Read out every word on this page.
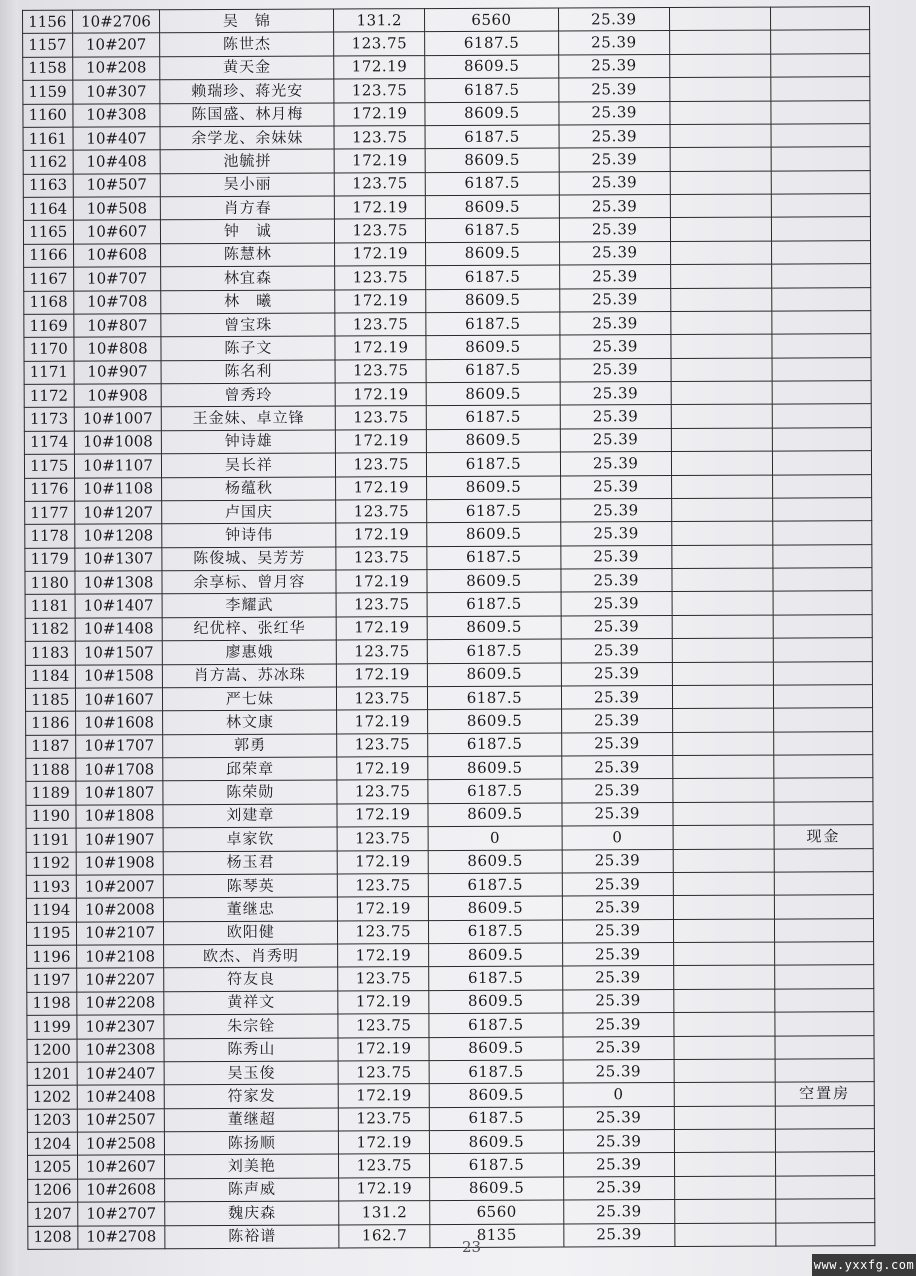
1156	10#2706	吴　锦	131.2	6560	25.39		
1157	10#207	陈世杰	123.75	6187.5	25.39		
1158	10#208	黄天金	172.19	8609.5	25.39		
1159	10#307	赖瑞珍、蒋光安	123.75	6187.5	25.39		
1160	10#308	陈国盛、林月梅	172.19	8609.5	25.39		
1161	10#407	余学龙、余妹妹	123.75	6187.5	25.39		
1162	10#408	池毓拼	172.19	8609.5	25.39		
1163	10#507	吴小丽	123.75	6187.5	25.39		
1164	10#508	肖方春	172.19	8609.5	25.39		
1165	10#607	钟　诚	123.75	6187.5	25.39		
1166	10#608	陈慧林	172.19	8609.5	25.39		
1167	10#707	林宜森	123.75	6187.5	25.39		
1168	10#708	林　曦	172.19	8609.5	25.39		
1169	10#807	曾宝珠	123.75	6187.5	25.39		
1170	10#808	陈子文	172.19	8609.5	25.39		
1171	10#907	陈名利	123.75	6187.5	25.39		
1172	10#908	曾秀玲	172.19	8609.5	25.39		
1173	10#1007	王金妹、卓立锋	123.75	6187.5	25.39		
1174	10#1008	钟诗雄	172.19	8609.5	25.39		
1175	10#1107	吴长祥	123.75	6187.5	25.39		
1176	10#1108	杨蕴秋	172.19	8609.5	25.39		
1177	10#1207	卢国庆	123.75	6187.5	25.39		
1178	10#1208	钟诗伟	172.19	8609.5	25.39		
1179	10#1307	陈俊城、吴芳芳	123.75	6187.5	25.39		
1180	10#1308	余享标、曾月容	172.19	8609.5	25.39		
1181	10#1407	李耀武	123.75	6187.5	25.39		
1182	10#1408	纪优梓、张红华	172.19	8609.5	25.39		
1183	10#1507	廖惠娥	123.75	6187.5	25.39		
1184	10#1508	肖方嵩、苏冰珠	172.19	8609.5	25.39		
1185	10#1607	严七妹	123.75	6187.5	25.39		
1186	10#1608	林文康	172.19	8609.5	25.39		
1187	10#1707	郭勇	123.75	6187.5	25.39		
1188	10#1708	邱荣章	172.19	8609.5	25.39		
1189	10#1807	陈荣勋	123.75	6187.5	25.39		
1190	10#1808	刘建章	172.19	8609.5	25.39		
1191	10#1907	卓家钦	123.75	0	0		现金
1192	10#1908	杨玉君	172.19	8609.5	25.39		
1193	10#2007	陈琴英	123.75	6187.5	25.39		
1194	10#2008	董继忠	172.19	8609.5	25.39		
1195	10#2107	欧阳健	123.75	6187.5	25.39		
1196	10#2108	欧杰、肖秀明	172.19	8609.5	25.39		
1197	10#2207	符友良	123.75	6187.5	25.39		
1198	10#2208	黄祥文	172.19	8609.5	25.39		
1199	10#2307	朱宗铨	123.75	6187.5	25.39		
1200	10#2308	陈秀山	172.19	8609.5	25.39		
1201	10#2407	吴玉俊	123.75	6187.5	25.39		
1202	10#2408	符家发	172.19	8609.5	0		空置房
1203	10#2507	董继超	123.75	6187.5	25.39		
1204	10#2508	陈扬顺	172.19	8609.5	25.39		
1205	10#2607	刘美艳	123.75	6187.5	25.39		
1206	10#2608	陈声威	172.19	8609.5	25.39		
1207	10#2707	魏庆森	131.2	6560	25.39		
1208	10#2708	陈裕谱	162.7	8135	25.39		
23
www.yxxfg.com
